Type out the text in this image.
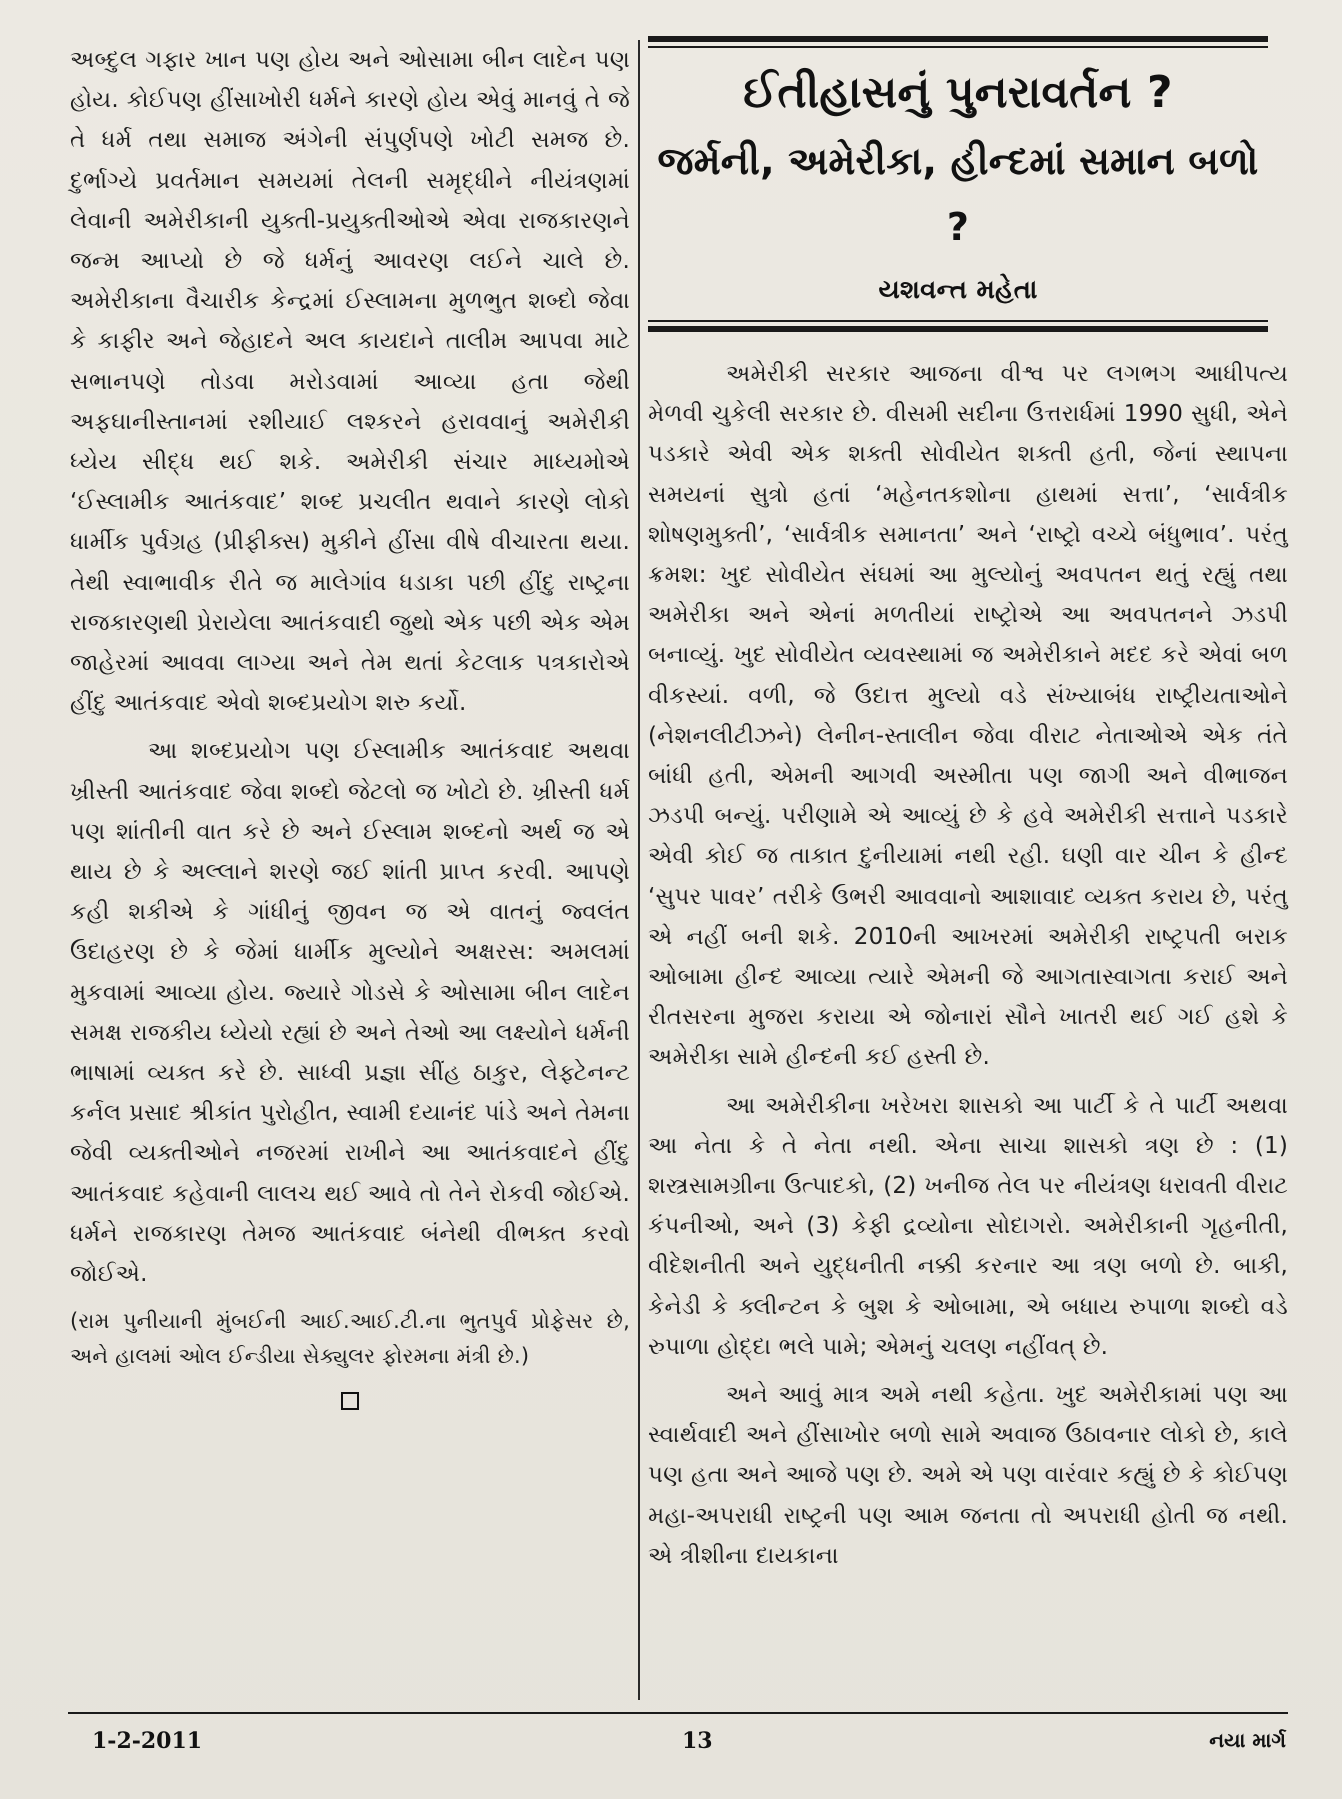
અબ્દુલ ગફાર ખાન પણ હોય અને ઓસામા બીન લાદેન પણ હોય. કોઈપણ હીંસાખોરી ધર્મને કારણે હોય એવું માનવું તે જે તે ધર્મ તથા સમાજ અંગેની સંપુર્ણપણે ખોટી સમજ છે. દુર્ભાગ્યે પ્રવર્તમાન સમયમાં તેલની સમૃદ્ધીને નીયંત્રણમાં લેવાની અમેરીકાની યુક્તી-પ્રયુક્તીઓએ એવા રાજકારણને જન્મ આપ્યો છે જે ધર્મનું આવરણ લઈને ચાલે છે. અમેરીકાના વૈચારીક કેન્દ્રમાં ઈસ્લામના મુળભુત શબ્દો જેવા કે કાફીર અને જેહાદને અલ કાયદાને તાલીમ આપવા માટે સભાનપણે તોડવા મરોડવામાં આવ્યા હતા જેથી અફઘાનીસ્તાનમાં રશીયાઈ લશ્કરને હરાવવાનું અમેરીકી ધ્યેય સીદ્ધ થઈ શકે. અમેરીકી સંચાર માધ્યમોએ ‘ઈસ્લામીક આતંકવાદ’ શબ્દ પ્રચલીત થવાને કારણે લોકો ધાર્મીક પુર્વગ્રહ (પ્રીફીક્સ) મુકીને હીંસા વીષે વીચારતા થયા. તેથી સ્વાભાવીક રીતે જ માલેગાંવ ધડાકા પછી હીંદુ રાષ્ટ્રના રાજકારણથી પ્રેરાયેલા આતંકવાદી જુથો એક પછી એક એમ જાહેરમાં આવવા લાગ્યા અને તેમ થતાં કેટલાક પત્રકારોએ હીંદુ આતંકવાદ એવો શબ્દપ્રયોગ શરુ કર્યો.

આ શબ્દપ્રયોગ પણ ઈસ્લામીક આતંકવાદ અથવા ખ્રીસ્તી આતંકવાદ જેવા શબ્દો જેટલો જ ખોટો છે. ખ્રીસ્તી ધર્મ પણ શાંતીની વાત કરે છે અને ઈસ્લામ શબ્દનો અર્થ જ એ થાય છે કે અલ્લાને શરણે જઈ શાંતી પ્રાપ્ત કરવી. આપણે કહી શકીએ કે ગાંધીનું જીવન જ એ વાતનું જ્વલંત ઉદાહરણ છે કે જેમાં ધાર્મીક મુલ્યોને અક્ષરસ: અમલમાં મુકવામાં આવ્યા હોય. જ્યારે ગોડસે કે ઓસામા બીન લાદેન સમક્ષ રાજકીય ધ્યેયો રહ્યાં છે અને તેઓ આ લક્ષ્યોને ધર્મની ભાષામાં વ્યક્ત કરે છે. સાધ્વી પ્રજ્ઞા સીંહ ઠાકુર, લેફ્ટેનન્ટ કર્નલ પ્રસાદ શ્રીકાંત પુરોહીત, સ્વામી દયાનંદ પાંડે અને તેમના જેવી વ્યક્તીઓને નજરમાં રાખીને આ આતંકવાદને હીંદુ આતંકવાદ કહેવાની લાલચ થઈ આવે તો તેને રોકવી જોઈએ. ધર્મને રાજકારણ તેમજ આતંકવાદ બંનેથી વીભક્ત કરવો જોઈએ.

(રામ પુનીયાની મુંબઈની આઈ.આઈ.ટી.ના ભુતપુર્વ પ્રોફેસર છે, અને હાલમાં ઓલ ઈન્ડીયા સેક્યુલર ફોરમના મંત્રી છે.)

ઈતીહાસનું પુનરાવર્તન ?
જર્મની, અમેરીકા, હીન્દમાં સમાન બળો ?
યશવન્ત મહેતા

અમેરીકી સરકાર આજના વીશ્વ પર લગભગ આધીપત્ય મેળવી ચુકેલી સરકાર છે. વીસમી સદીના ઉત્તરાર્ધમાં 1990 સુધી, એને પડકારે એવી એક શક્તી સોવીયેત શક્તી હતી, જેનાં સ્થાપના સમયનાં સુત્રો હતાં ‘મહેનતકશોના હાથમાં સત્તા’, ‘સાર્વત્રીક શોષણમુક્તી’, ‘સાર્વત્રીક સમાનતા’ અને ‘રાષ્ટ્રો વચ્ચે બંધુભાવ’. પરંતુ ક્રમશ: ખુદ સોવીયેત સંઘમાં આ મુલ્યોનું અવપતન થતું રહ્યું તથા અમેરીકા અને એનાં મળતીયાં રાષ્ટ્રોએ આ અવપતનને ઝડપી બનાવ્યું. ખુદ સોવીયેત વ્યવસ્થામાં જ અમેરીકાને મદદ કરે એવાં બળ વીકસ્યાં. વળી, જે ઉદાત્ત મુલ્યો વડે સંખ્યાબંધ રાષ્ટ્રીયતાઓને (નેશનલીટીઝને) લેનીન-સ્તાલીન જેવા વીરાટ નેતાઓએ એક તંતે બાંધી હતી, એમની આગવી અસ્મીતા પણ જાગી અને વીભાજન ઝડપી બન્યું. પરીણામે એ આવ્યું છે કે હવે અમેરીકી સત્તાને પડકારે એવી કોઈ જ તાકાત દુનીયામાં નથી રહી. ઘણી વાર ચીન કે હીન્દ ‘સુપર પાવર’ તરીકે ઉભરી આવવાનો આશાવાદ વ્યક્ત કરાય છે, પરંતુ એ નહીં બની શકે. 2010ની આખરમાં અમેરીકી રાષ્ટ્રપતી બરાક ઓબામા હીન્દ આવ્યા ત્યારે એમની જે આગતાસ્વાગતા કરાઈ અને રીતસરના મુજરા કરાયા એ જોનારાં સૌને ખાતરી થઈ ગઈ હશે કે અમેરીકા સામે હીન્દની કઈ હસ્તી છે.

આ અમેરીકીના ખરેખરા શાસકો આ પાર્ટી કે તે પાર્ટી અથવા આ નેતા કે તે નેતા નથી. એના સાચા શાસકો ત્રણ છે : (1) શસ્ત્રસામગ્રીના ઉત્પાદકો, (2) ખનીજ તેલ પર નીયંત્રણ ધરાવતી વીરાટ કંપનીઓ, અને (3) કેફી દ્રવ્યોના સોદાગરો. અમેરીકાની ગૃહનીતી, વીદેશનીતી અને યુદ્ધનીતી નક્કી કરનાર આ ત્રણ બળો છે. બાકી, કેનેડી કે ક્લીન્ટન કે બુશ કે ઓબામા, એ બધાય રુપાળા શબ્દો વડે રુપાળા હોદ્દા ભલે પામે; એમનું ચલણ નહીંવત્ છે.

અને આવું માત્ર અમે નથી કહેતા. ખુદ અમેરીકામાં પણ આ સ્વાર્થવાદી અને હીંસાખોર બળો સામે અવાજ ઉઠાવનાર લોકો છે, કાલે પણ હતા અને આજે પણ છે. અમે એ પણ વારંવાર કહ્યું છે કે કોઈપણ મહા-અપરાધી રાષ્ટ્રની પણ આમ જનતા તો અપરાધી હોતી જ નથી. એ ત્રીશીના દાયકાના

1-2-2011	13	નયા માર્ગ
